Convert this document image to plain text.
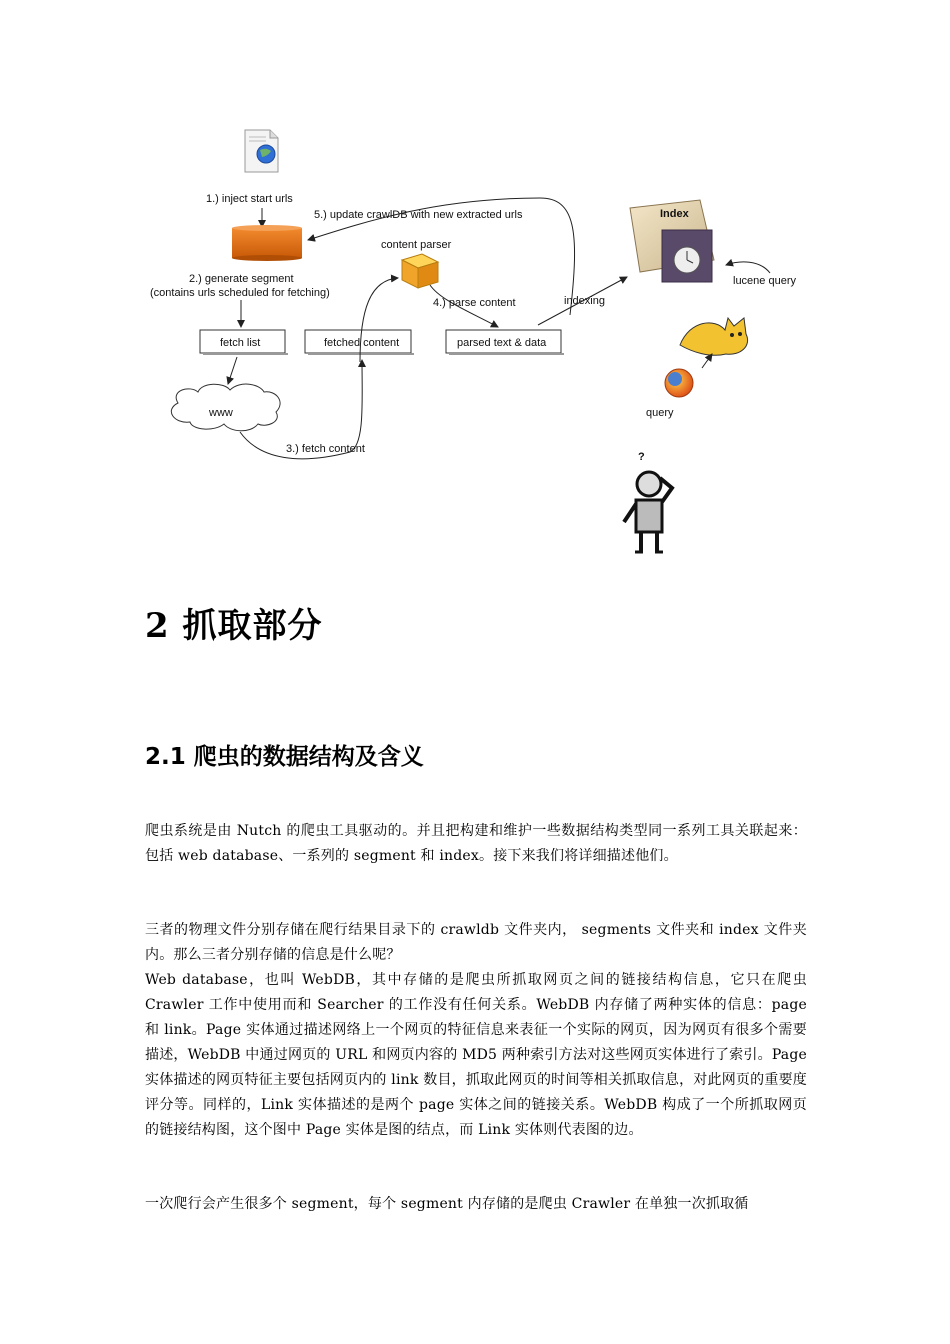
1.) inject start urls
5.) update crawlDB with new extracted urls
2.) generate segment
(contains urls scheduled for fetching)
fetch list	fetched content	parsed text & data
content parser
4.) parse content
www
3.) fetch content
indexing
Index
lucene query
query
?
2 抓取部分
2.1 爬虫的数据结构及含义

爬虫系统是由 Nutch 的爬虫工具驱动的。并且把构建和维护一些数据结构类型同一系列工具关联起来：包括 web database、一系列的 segment 和 index。接下来我们将详细描述他们。

三者的物理文件分别存储在爬行结果目录下的 crawldb 文件夹内， segments 文件夹和 index 文件夹内。那么三者分别存储的信息是什么呢？
Web database，也叫 WebDB，其中存储的是爬虫所抓取网页之间的链接结构信息，它只在爬虫 Crawler 工作中使用而和 Searcher 的工作没有任何关系。WebDB 内存储了两种实体的信息：page 和 link。Page 实体通过描述网络上一个网页的特征信息来表征一个实际的网页，因为网页有很多个需要描述，WebDB 中通过网页的 URL 和网页内容的 MD5 两种索引方法对这些网页实体进行了索引。Page 实体描述的网页特征主要包括网页内的 link 数目，抓取此网页的时间等相关抓取信息，对此网页的重要度评分等。同样的，Link 实体描述的是两个 page 实体之间的链接关系。WebDB 构成了一个所抓取网页的链接结构图，这个图中 Page 实体是图的结点，而 Link 实体则代表图的边。

一次爬行会产生很多个 segment，每个 segment 内存储的是爬虫 Crawler 在单独一次抓取循
